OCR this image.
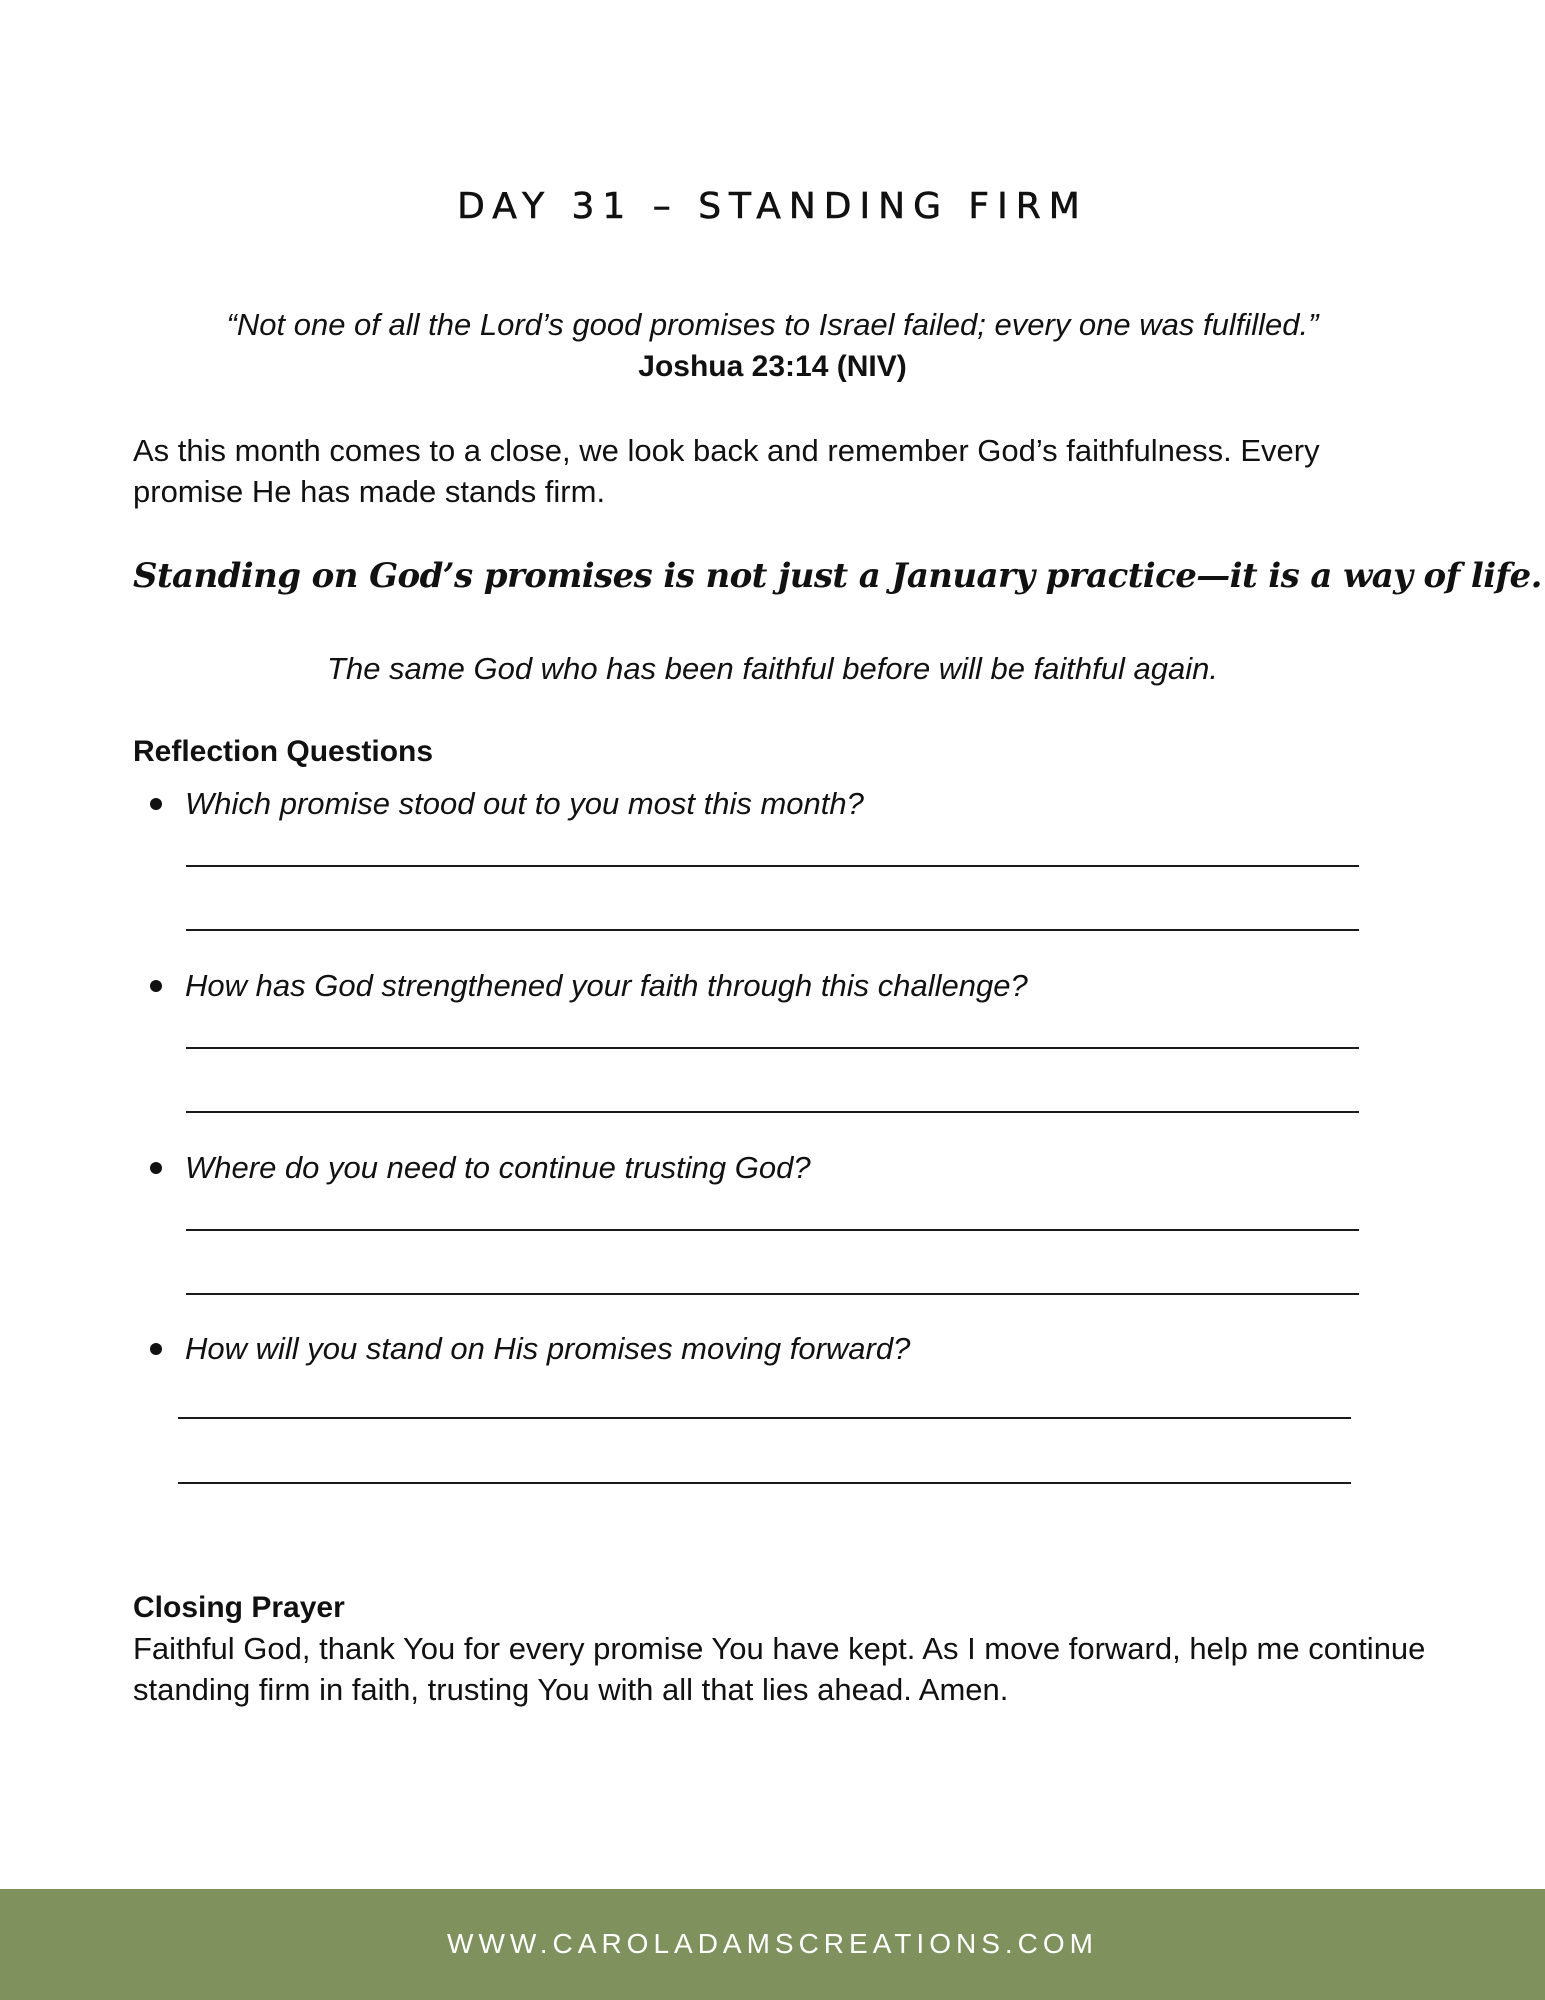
DAY 31 – STANDING FIRM
“Not one of all the Lord’s good promises to Israel failed; every one was fulfilled.”
Joshua 23:14 (NIV)
As this month comes to a close, we look back and remember God’s faithfulness. Every promise He has made stands firm.
Standing on God’s promises is not just a January practice—it is a way of life.
The same God who has been faithful before will be faithful again.
Reflection Questions
Which promise stood out to you most this month?
How has God strengthened your faith through this challenge?
Where do you need to continue trusting God?
How will you stand on His promises moving forward?
Closing Prayer
Faithful God, thank You for every promise You have kept. As I move forward, help me continue standing firm in faith, trusting You with all that lies ahead. Amen.
WWW.CAROLADAMSCREATIONS.COM
